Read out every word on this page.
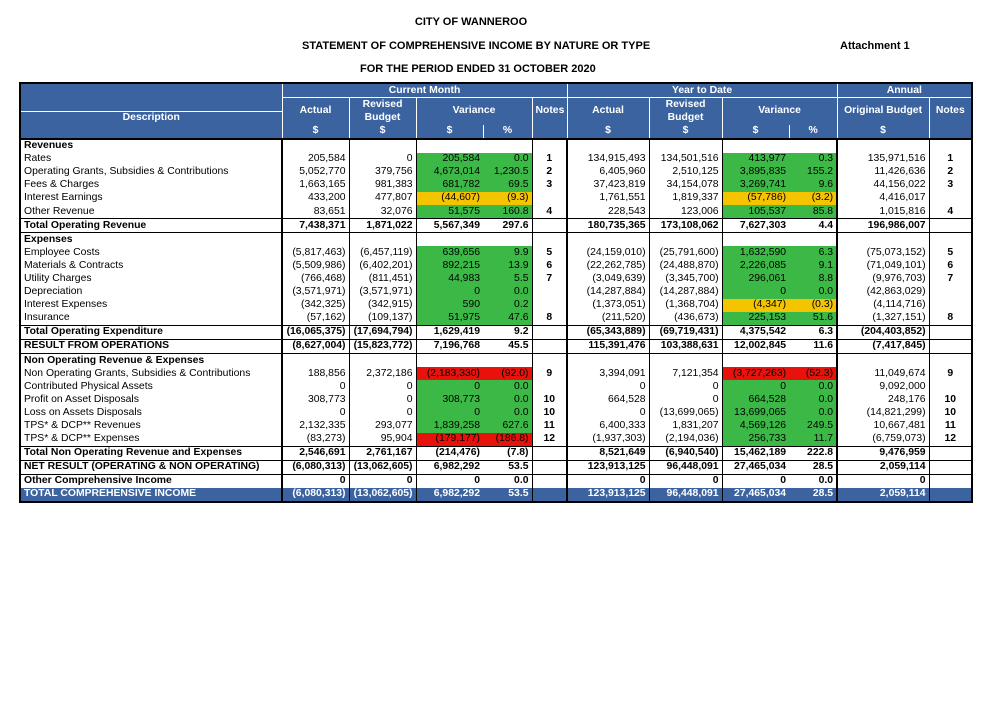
CITY OF WANNEROO
STATEMENT OF COMPREHENSIVE INCOME BY NATURE OR TYPE	Attachment 1
FOR THE PERIOD ENDED 31 OCTOBER 2020
	Current Month					Year to Date				Annual	
	Actual	Revised	Variance		Notes	Actual	Revised	Variance		Original Budget	Notes
Description		Budget					Budget				
	$	$	$	%		$	$	$	%	$	
Revenues											
Rates	205,584	0	205,584	0.0	1	134,915,493	134,501,516	413,977	0.3	135,971,516	1
Operating Grants, Subsidies & Contributions	5,052,770	379,756	4,673,014	1,230.5	2	6,405,960	2,510,125	3,895,835	155.2	11,426,636	2
Fees & Charges	1,663,165	981,383	681,782	69.5	3	37,423,819	34,154,078	3,269,741	9.6	44,156,022	3
Interest Earnings	433,200	477,807	(44,607)	(9.3)		1,761,551	1,819,337	(57,786)	(3.2)	4,416,017	
Other Revenue	83,651	32,076	51,575	160.8	4	228,543	123,006	105,537	85.8	1,015,816	4
Total Operating Revenue	7,438,371	1,871,022	5,567,349	297.6		180,735,365	173,108,062	7,627,303	4.4	196,986,007	
Expenses											
Employee Costs	(5,817,463)	(6,457,119)	639,656	9.9	5	(24,159,010)	(25,791,600)	1,632,590	6.3	(75,073,152)	5
Materials & Contracts	(5,509,986)	(6,402,201)	892,215	13.9	6	(22,262,785)	(24,488,870)	2,226,085	9.1	(71,049,101)	6
Utility Charges	(766,468)	(811,451)	44,983	5.5	7	(3,049,639)	(3,345,700)	296,061	8.8	(9,976,703)	7
Depreciation	(3,571,971)	(3,571,971)	0	0.0		(14,287,884)	(14,287,884)	0	0.0	(42,863,029)	
Interest Expenses	(342,325)	(342,915)	590	0.2		(1,373,051)	(1,368,704)	(4,347)	(0.3)	(4,114,716)	
Insurance	(57,162)	(109,137)	51,975	47.6	8	(211,520)	(436,673)	225,153	51.6	(1,327,151)	8
Total Operating Expenditure	(16,065,375)	(17,694,794)	1,629,419	9.2		(65,343,889)	(69,719,431)	4,375,542	6.3	(204,403,852)	
RESULT FROM OPERATIONS	(8,627,004)	(15,823,772)	7,196,768	45.5		115,391,476	103,388,631	12,002,845	11.6	(7,417,845)	
Non Operating Revenue & Expenses											
Non Operating Grants, Subsidies & Contributions	188,856	2,372,186	(2,183,330)	(92.0)	9	3,394,091	7,121,354	(3,727,263)	(52.3)	11,049,674	9
Contributed Physical Assets	0	0	0	0.0		0	0	0	0.0	9,092,000	
Profit on Asset Disposals	308,773	0	308,773	0.0	10	664,528	0	664,528	0.0	248,176	10
Loss on Assets Disposals	0	0	0	0.0	10	0	(13,699,065)	13,699,065	0.0	(14,821,299)	10
TPS* & DCP** Revenues	2,132,335	293,077	1,839,258	627.6	11	6,400,333	1,831,207	4,569,126	249.5	10,667,481	11
TPS* & DCP** Expenses	(83,273)	95,904	(179,177)	(186.8)	12	(1,937,303)	(2,194,036)	256,733	11.7	(6,759,073)	12
Total Non Operating Revenue and Expenses	2,546,691	2,761,167	(214,476)	(7.8)		8,521,649	(6,940,540)	15,462,189	222.8	9,476,959	
NET RESULT (OPERATING & NON OPERATING)	(6,080,313)	(13,062,605)	6,982,292	53.5		123,913,125	96,448,091	27,465,034	28.5	2,059,114	
Other Comprehensive Income	0	0	0	0.0		0	0	0	0.0	0	
TOTAL COMPREHENSIVE INCOME	(6,080,313)	(13,062,605)	6,982,292	53.5		123,913,125	96,448,091	27,465,034	28.5	2,059,114	
